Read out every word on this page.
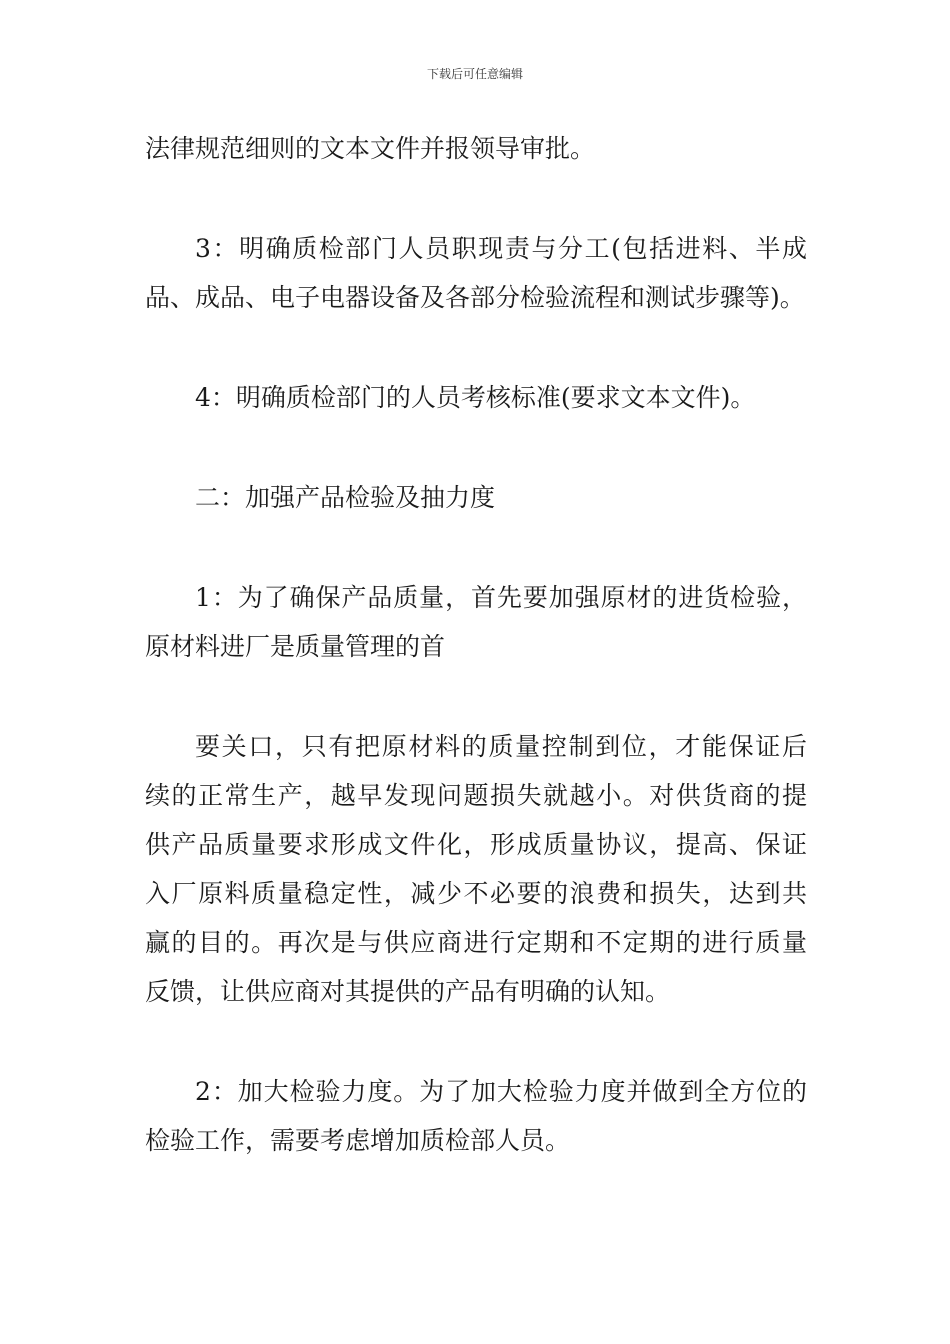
下载后可任意编辑

法律规范细则的文本文件并报领导审批。

3：明确质检部门人员职现责与分工(包括进料、半成
品、成品、电子电器设备及各部分检验流程和测试步骤等)。

4：明确质检部门的人员考核标准(要求文本文件)。

二：加强产品检验及抽力度

1：为了确保产品质量，首先要加强原材的进货检验，
原材料进厂是质量管理的首

要关口，只有把原材料的质量控制到位，才能保证后
续的正常生产，越早发现问题损失就越小。对供货商的提
供产品质量要求形成文件化，形成质量协议，提高、保证
入厂原料质量稳定性，减少不必要的浪费和损失，达到共
赢的目的。再次是与供应商进行定期和不定期的进行质量
反馈，让供应商对其提供的产品有明确的认知。

2：加大检验力度。为了加大检验力度并做到全方位的
检验工作，需要考虑增加质检部人员。
